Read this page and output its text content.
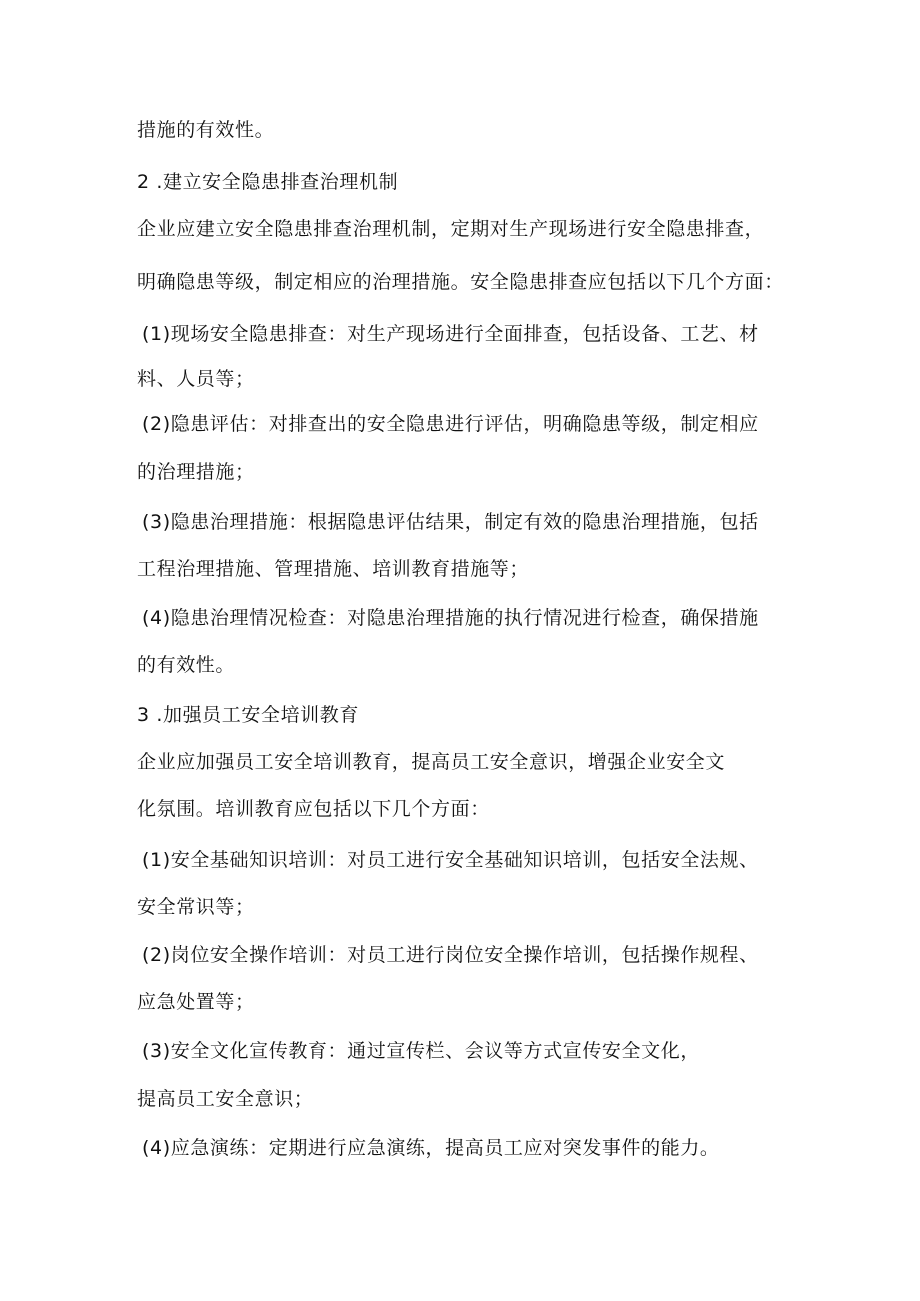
措施的有效性。
2 .建立安全隐患排查治理机制
企业应建立安全隐患排查治理机制，定期对生产现场进行安全隐患排查，
明确隐患等级，制定相应的治理措施。安全隐患排查应包括以下几个方面：
(1)现场安全隐患排查：对生产现场进行全面排查，包括设备、工艺、材
料、人员等；
(2)隐患评估：对排查出的安全隐患进行评估，明确隐患等级，制定相应
的治理措施；
(3)隐患治理措施：根据隐患评估结果，制定有效的隐患治理措施，包括
工程治理措施、管理措施、培训教育措施等；
(4)隐患治理情况检查：对隐患治理措施的执行情况进行检查，确保措施
的有效性。
3 .加强员工安全培训教育
企业应加强员工安全培训教育，提高员工安全意识，增强企业安全文
化氛围。培训教育应包括以下几个方面：
(1)安全基础知识培训：对员工进行安全基础知识培训，包括安全法规、
安全常识等；
(2)岗位安全操作培训：对员工进行岗位安全操作培训，包括操作规程、
应急处置等；
(3)安全文化宣传教育：通过宣传栏、会议等方式宣传安全文化，
提高员工安全意识；
(4)应急演练：定期进行应急演练，提高员工应对突发事件的能力。
